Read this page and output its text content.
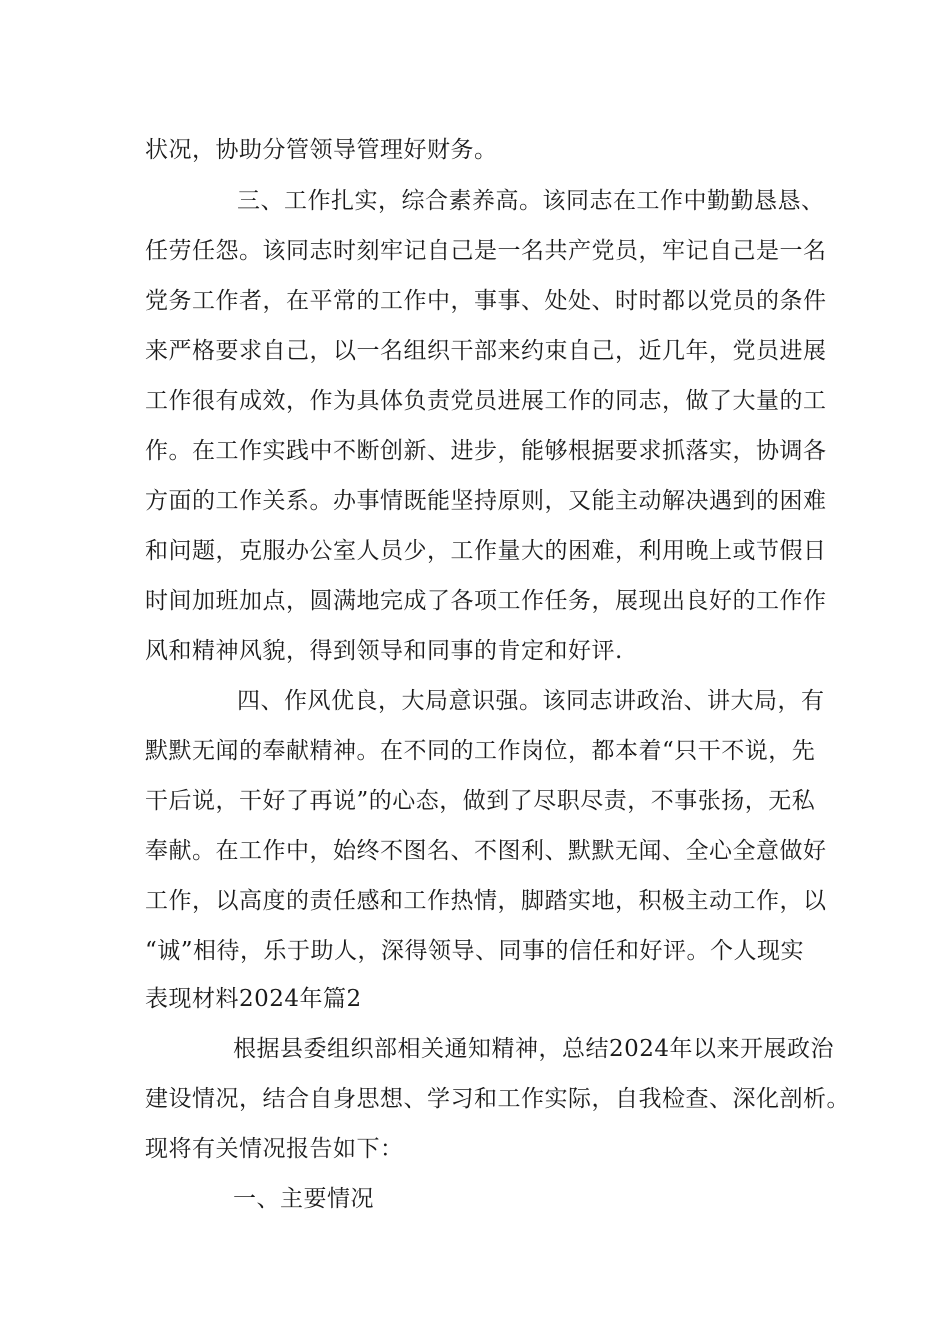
状况，协助分管领导管理好财务。
三、工作扎实，综合素养高。该同志在工作中勤勤恳恳、
任劳任怨。该同志时刻牢记自己是一名共产党员，牢记自己是一名
党务工作者，在平常的工作中，事事、处处、时时都以党员的条件
来严格要求自己，以一名组织干部来约束自己，近几年，党员进展
工作很有成效，作为具体负责党员进展工作的同志，做了大量的工
作。在工作实践中不断创新、进步，能够根据要求抓落实，协调各
方面的工作关系。办事情既能坚持原则，又能主动解决遇到的困难
和问题，克服办公室人员少，工作量大的困难，利用晚上或节假日
时间加班加点，圆满地完成了各项工作任务，展现出良好的工作作
风和精神风貌，得到领导和同事的肯定和好评.
四、作风优良，大局意识强。该同志讲政治、讲大局，有
默默无闻的奉献精神。在不同的工作岗位，都本着“只干不说，先
干后说，干好了再说”的心态，做到了尽职尽责，不事张扬，无私
奉献。在工作中，始终不图名、不图利、默默无闻、全心全意做好
工作，以高度的责任感和工作热情，脚踏实地，积极主动工作，以
“诚”相待，乐于助人，深得领导、同事的信任和好评。个人现实
表现材料2024年篇2
根据县委组织部相关通知精神，总结2024年以来开展政治
建设情况，结合自身思想、学习和工作实际，自我检查、深化剖析。
现将有关情况报告如下：
一、主要情况
